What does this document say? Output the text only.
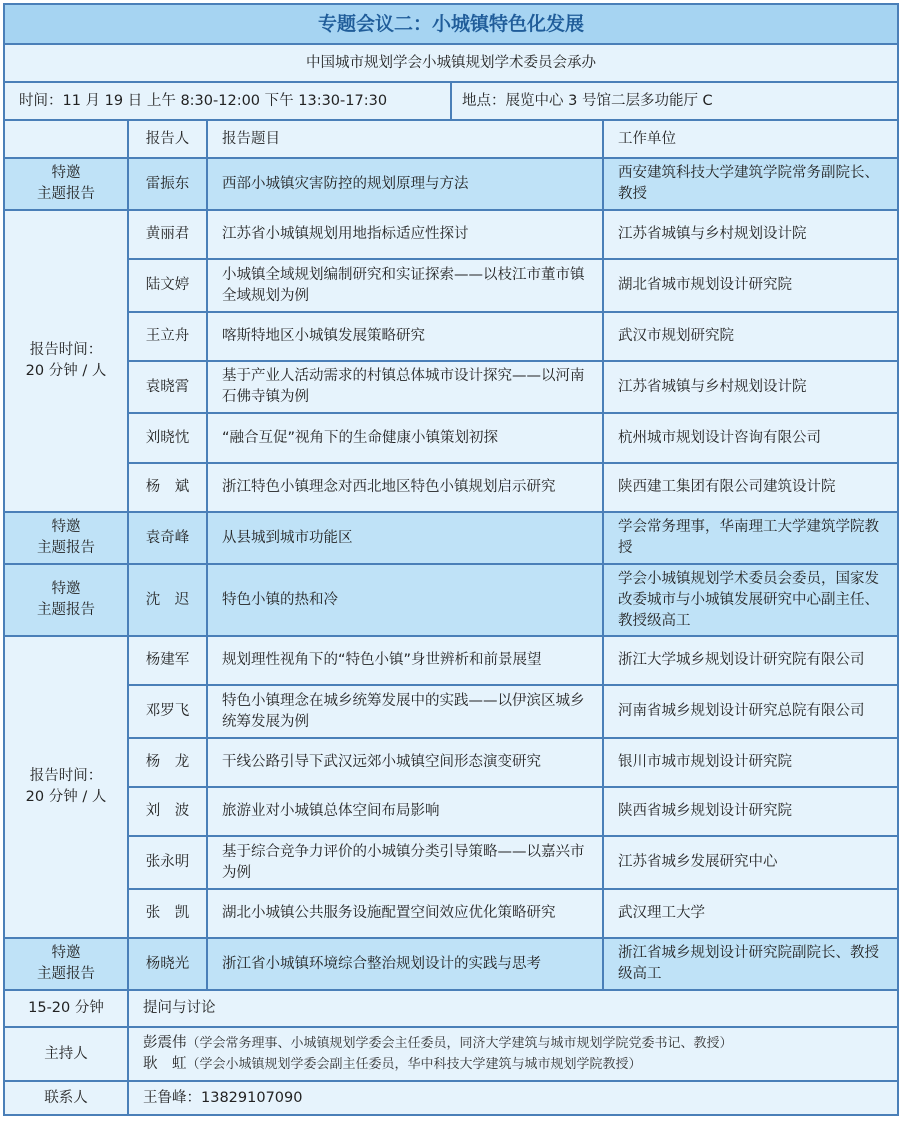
专题会议二：小城镇特色化发展			
中国城市规划学会小城镇规划学术委员会承办			

时间：11 月 19 日 上午 8:30-12:00 下午 13:30-17:30 地点：展览中心 3 号馆二层多功能厅 C			

	报告人	报告题目	工作单位
特邀
主题报告	雷振东	西部小城镇灾害防控的规划原理与方法	西安建筑科技大学建筑学院常务副院长、教授
报告时间：
20 分钟 / 人	黄丽君	江苏省小城镇规划用地指标适应性探讨	江苏省城镇与乡村规划设计院
	陆文婷	小城镇全域规划编制研究和实证探索——以枝江市董市镇全域规划为例	湖北省城市规划设计研究院
	王立舟	喀斯特地区小城镇发展策略研究	武汉市规划研究院
	袁晓霄	基于产业人活动需求的村镇总体城市设计探究——以河南石佛寺镇为例	江苏省城镇与乡村规划设计院
	刘晓忱	“融合互促”视角下的生命健康小镇策划初探	杭州城市规划设计咨询有限公司
	杨　斌	浙江特色小镇理念对西北地区特色小镇规划启示研究	陕西建工集团有限公司建筑设计院
特邀
主题报告	袁奇峰	从县城到城市功能区	学会常务理事，华南理工大学建筑学院教授
特邀
主题报告	沈　迟	特色小镇的热和冷	学会小城镇规划学术委员会委员，国家发改委城市与小城镇发展研究中心副主任、教授级高工
报告时间：
20 分钟 / 人	杨建军	规划理性视角下的“特色小镇”身世辨析和前景展望	浙江大学城乡规划设计研究院有限公司
	邓罗飞	特色小镇理念在城乡统筹发展中的实践——以伊滨区城乡统筹发展为例	河南省城乡规划设计研究总院有限公司
	杨　龙	干线公路引导下武汉远郊小城镇空间形态演变研究	银川市城市规划设计研究院
	刘　波	旅游业对小城镇总体空间布局影响	陕西省城乡规划设计研究院
	张永明	基于综合竞争力评价的小城镇分类引导策略——以嘉兴市为例	江苏省城乡发展研究中心
	张　凯	湖北小城镇公共服务设施配置空间效应优化策略研究	武汉理工大学
特邀
主题报告	杨晓光	浙江省小城镇环境综合整治规划设计的实践与思考	浙江省城乡规划设计研究院副院长、教授级高工
15-20 分钟	提问与讨论		
主持人	彭震伟（学会常务理事、小城镇规划学委会主任委员，同济大学建筑与城市规划学院党委书记、教授）
耿　虹（学会小城镇规划学委会副主任委员，华中科技大学建筑与城市规划学院教授）		

联系人	王鲁峰：13829107090		
